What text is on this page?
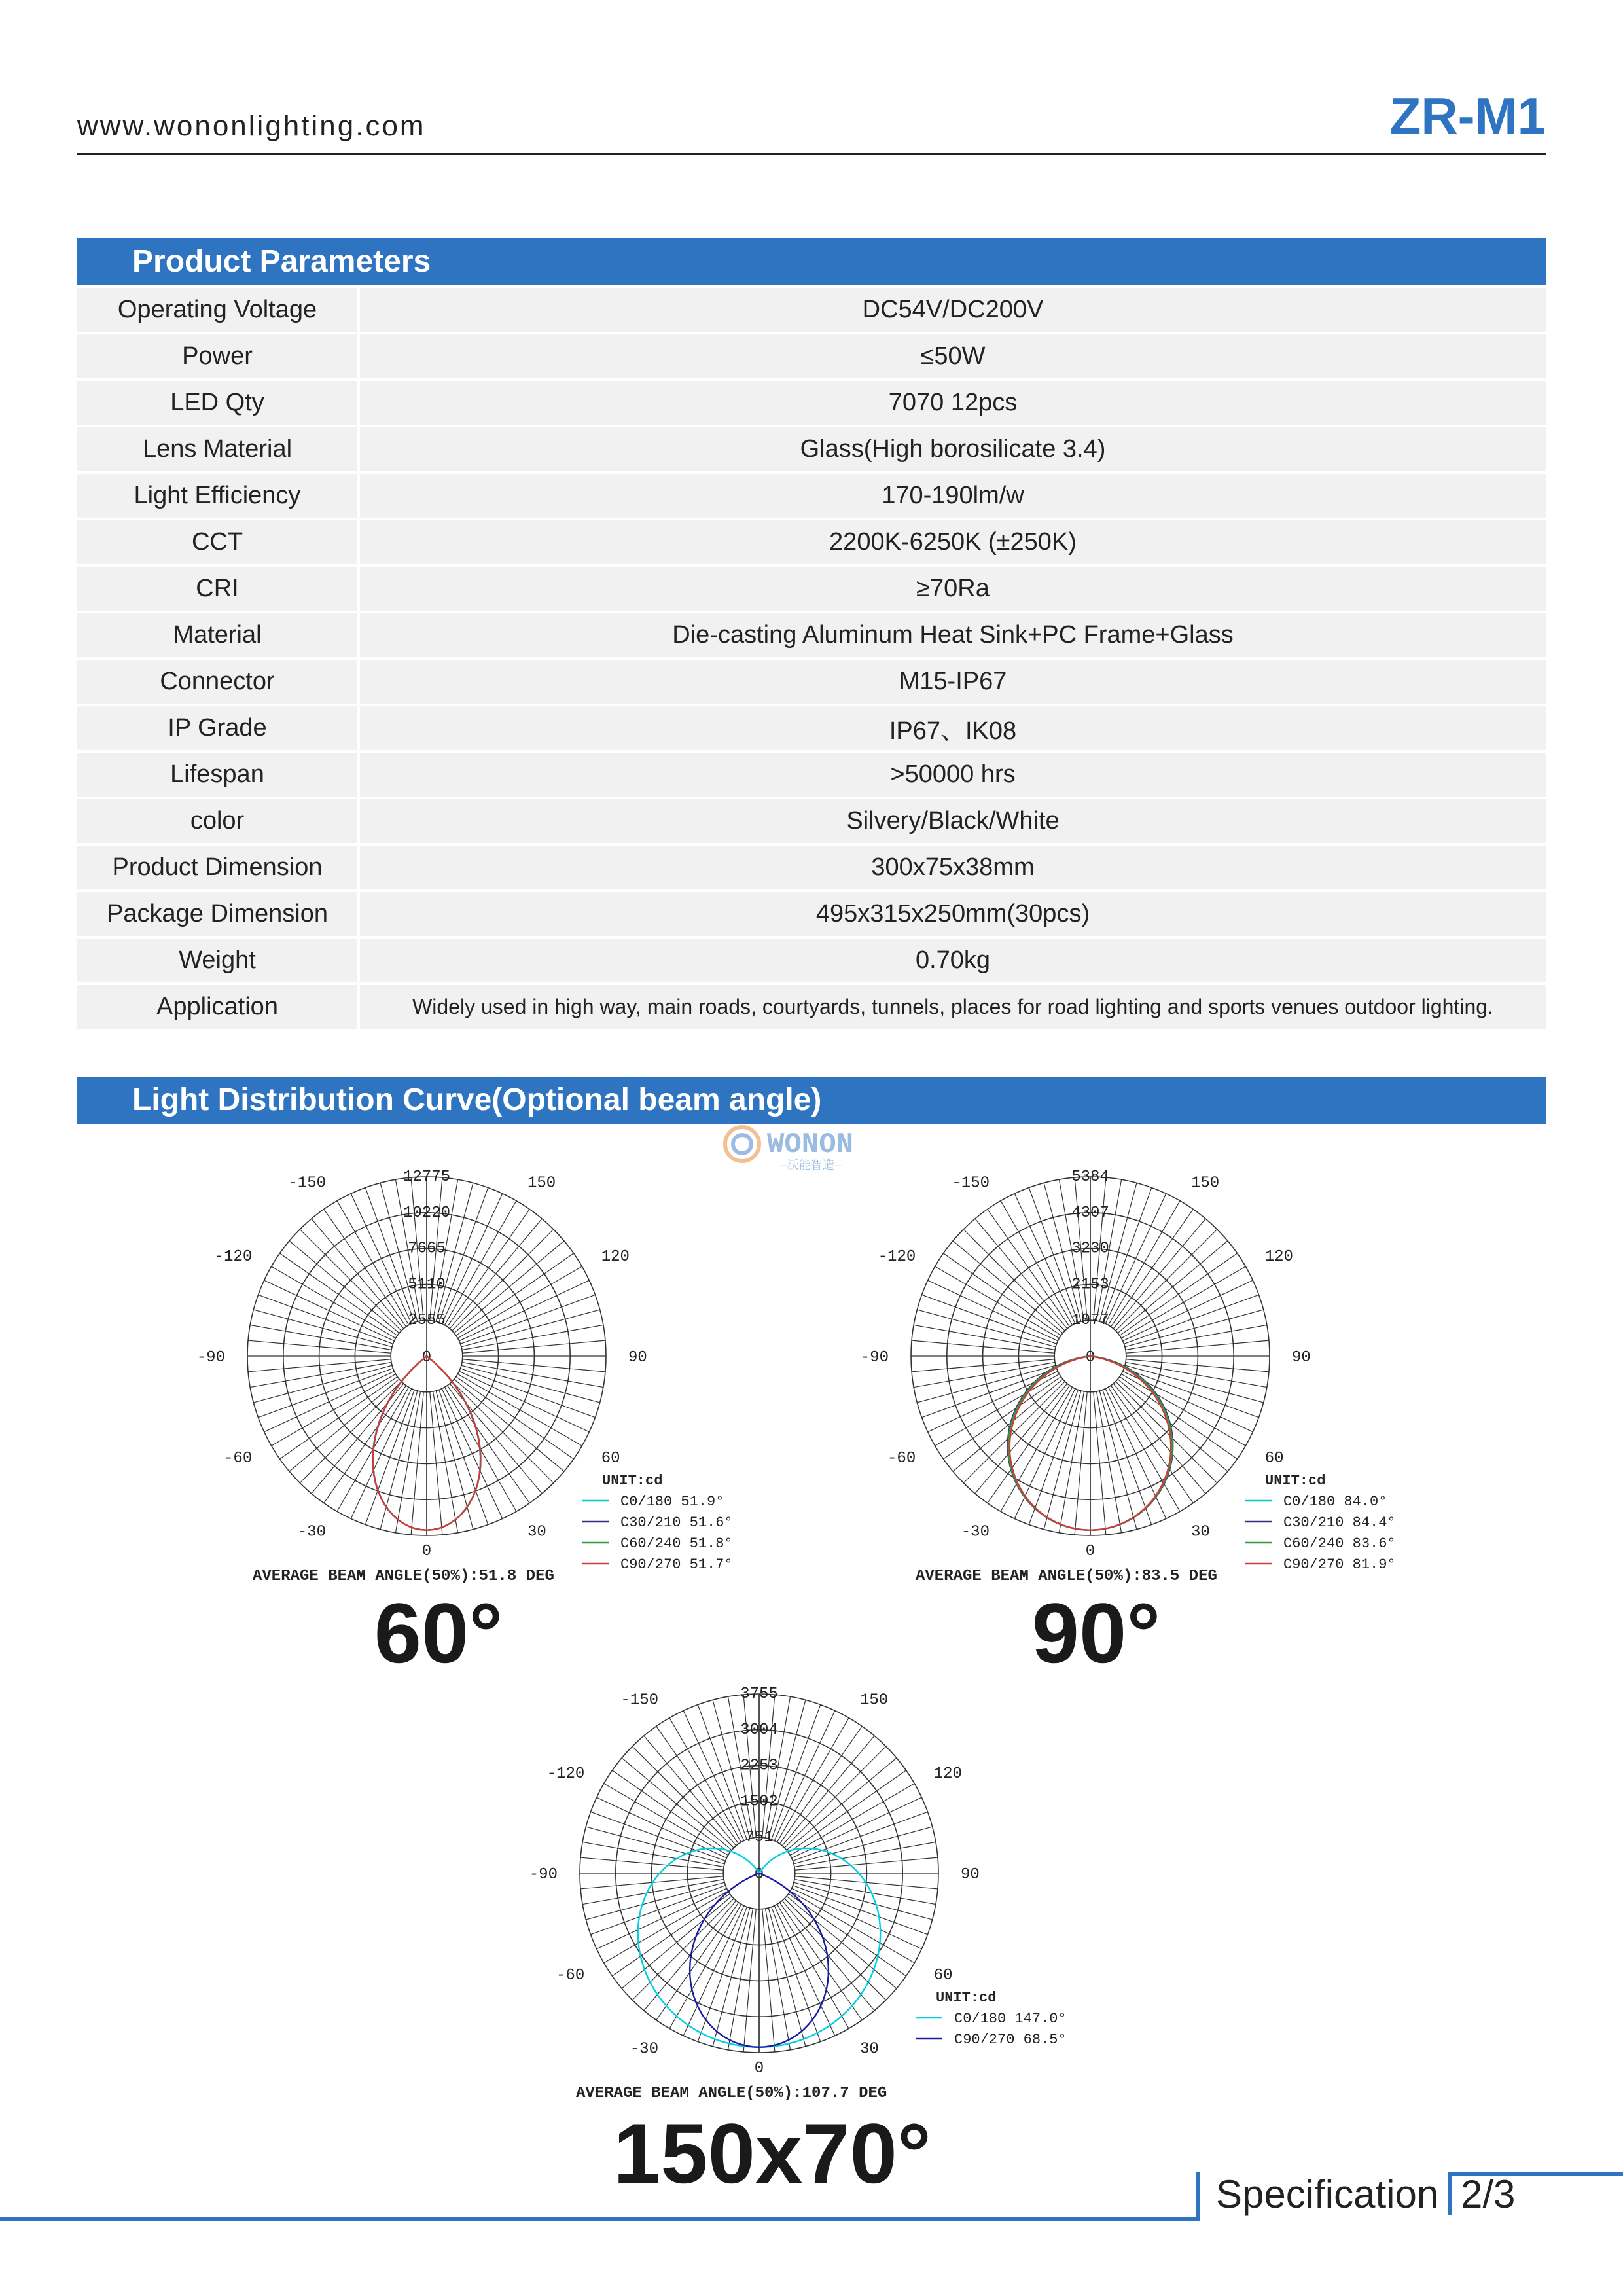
www.wononlighting.com	ZR-M1
Product Parameters
Operating Voltage	DC54V/DC200V
Power	≤50W
LED Qty	7070 12pcs
Lens Material	Glass(High borosilicate 3.4)
Light Efficiency	170-190lm/w
CCT	2200K-6250K (±250K)
CRI	≥70Ra
Material	Die-casting Aluminum Heat Sink+PC Frame+Glass
Connector	M15-IP67
IP Grade	IP67、IK08
Lifespan	>50000 hrs
color	Silvery/Black/White
Product Dimension	300x75x38mm
Package Dimension	495x315x250mm(30pcs)
Weight	0.70kg
Application	Widely used in high way, main roads, courtyards, tunnels, places for road lighting and sports venues outdoor lighting.
Light Distribution Curve(Optional beam angle)
WONON
—沃能智造—
12775
10220
7665
5110
2555
0
-150	150
-120	120
-90	90
-60	60
-30	30
0
UNIT:cd
C0/180 51.9°
C30/210 51.6°
C60/240 51.8°
C90/270 51.7°
AVERAGE BEAM ANGLE(50%):51.8 DEG
60°
5384
4307
3230
2153
1077
0
-150	150
-120	120
-90	90
-60	60
-30	30
0
UNIT:cd
C0/180 84.0°
C30/210 84.4°
C60/240 83.6°
C90/270 81.9°
AVERAGE BEAM ANGLE(50%):83.5 DEG
90°
3755
3004
2253
1502
751
0
-150	150
-120	120
-90	90
-60	60
-30	30
0
UNIT:cd
C0/180 147.0°
C90/270 68.5°
AVERAGE BEAM ANGLE(50%):107.7 DEG
150x70°	Specification 2/3
